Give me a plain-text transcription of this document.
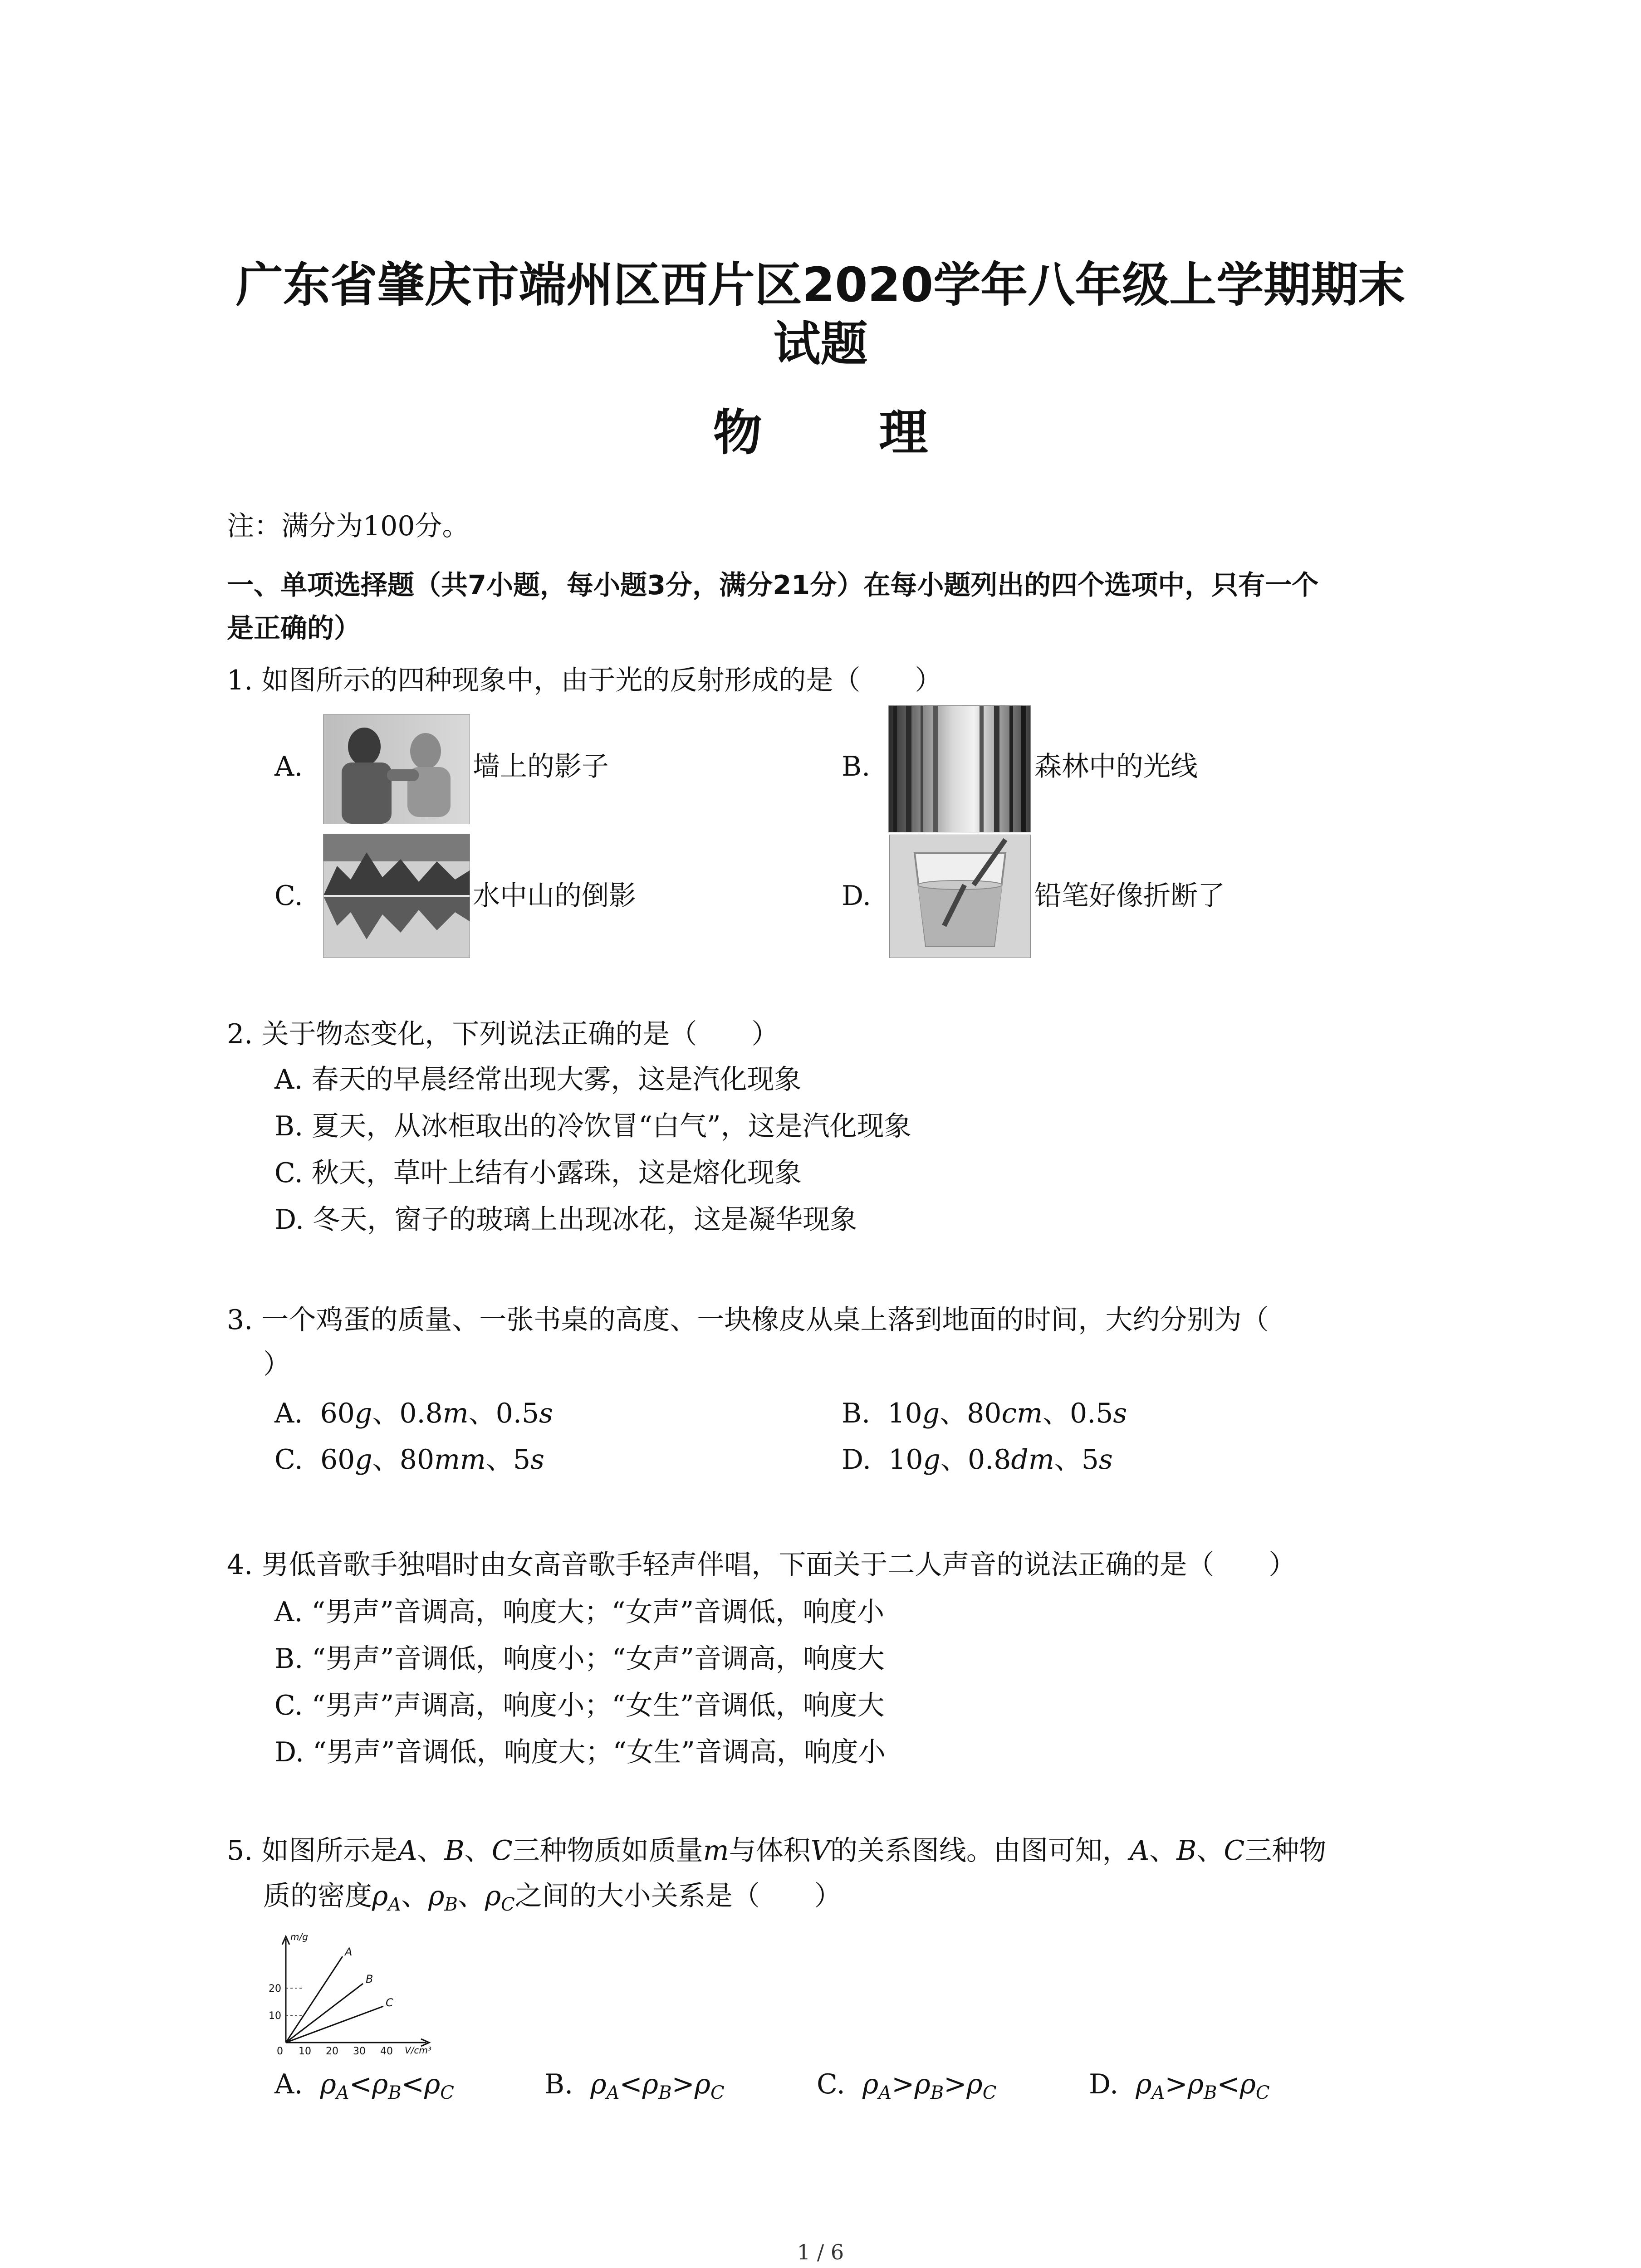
广东省肇庆市端州区西片区2020学年八年级上学期期末
试题
物 理
注：满分为100分。
一、单项选择题（共7小题，每小题3分，满分21分）在每小题列出的四个选项中，只有一个
是正确的）
1. 如图所示的四种现象中，由于光的反射形成的是（　　）
A.	墙上的影子	B.	森林中的光线
C.	水中山的倒影	D.	铅笔好像折断了
2. 关于物态变化，下列说法正确的是（　　）
A. 春天的早晨经常出现大雾，这是汽化现象
B. 夏天，从冰柜取出的冷饮冒“白气”，这是汽化现象
C. 秋天，草叶上结有小露珠，这是熔化现象
D. 冬天，窗子的玻璃上出现冰花，这是凝华现象
3. 一个鸡蛋的质量、一张书桌的高度、一块橡皮从桌上落到地面的时间，大约分别为（
）
A. 60g、0.8m、0.5s	B. 10g、80cm、0.5s
C. 60g、80mm、5s	D. 10g、0.8dm、5s
4. 男低音歌手独唱时由女高音歌手轻声伴唱，下面关于二人声音的说法正确的是（　　）
A. “男声”音调高，响度大；“女声”音调低，响度小
B. “男声”音调低，响度小；“女声”音调高，响度大
C. “男声”声调高，响度小；“女生”音调低，响度大
D. “男声”音调低，响度大；“女生”音调高，响度小
5. 如图所示是A、B、C三种物质如质量m与体积V的关系图线。由图可知，A、B、C三种物
质的密度$\rho_A$、$\rho_B$、$\rho_C$之间的大小关系是（　　）
A
B
C
m/g
V/cm³
10
20
0 10 20 30 40
A. $\rho_A<\rho_B<\rho_C$	B. $\rho_A<\rho_B>\rho_C$	C. $\rho_A>\rho_B>\rho_C$	D. $\rho_A>\rho_B<\rho_C$
1 / 6
